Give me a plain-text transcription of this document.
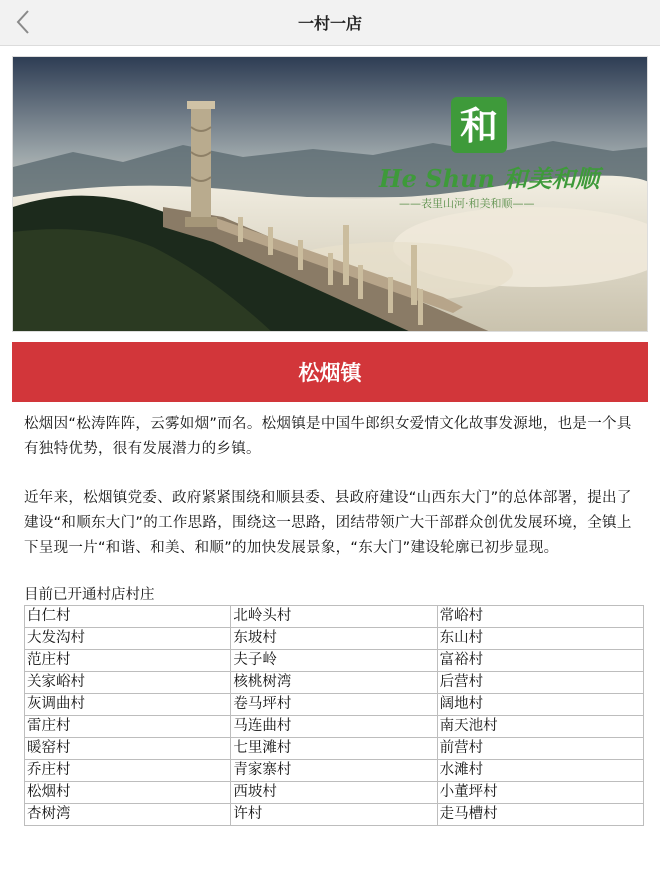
一村一店
和
He Shun 和美和顺
——表里山河·和美和顺——
松烟镇

松烟因“松涛阵阵，云雾如烟”而名。松烟镇是中国牛郎织女爱情文化故事发源地，也是一个具有独特优势，很有发展潜力的乡镇。

近年来，松烟镇党委、政府紧紧围绕和顺县委、县政府建设“山西东大门”的总体部署，提出了建设“和顺东大门”的工作思路，围绕这一思路，团结带领广大干部群众创优发展环境，全镇上下呈现一片“和谐、和美、和顺”的加快发展景象，“东大门”建设轮廓已初步显现。

目前已开通村店村庄
白仁村	北岭头村	常峪村
大发沟村	东坡村	东山村
范庄村	夫子岭	富裕村
关家峪村	核桃树湾	后营村
灰调曲村	卷马坪村	阔地村
雷庄村	马连曲村	南天池村
暖窑村	七里滩村	前营村
乔庄村	青家寨村	水滩村
松烟村	西坡村	小董坪村
杏树湾	许村	走马槽村
